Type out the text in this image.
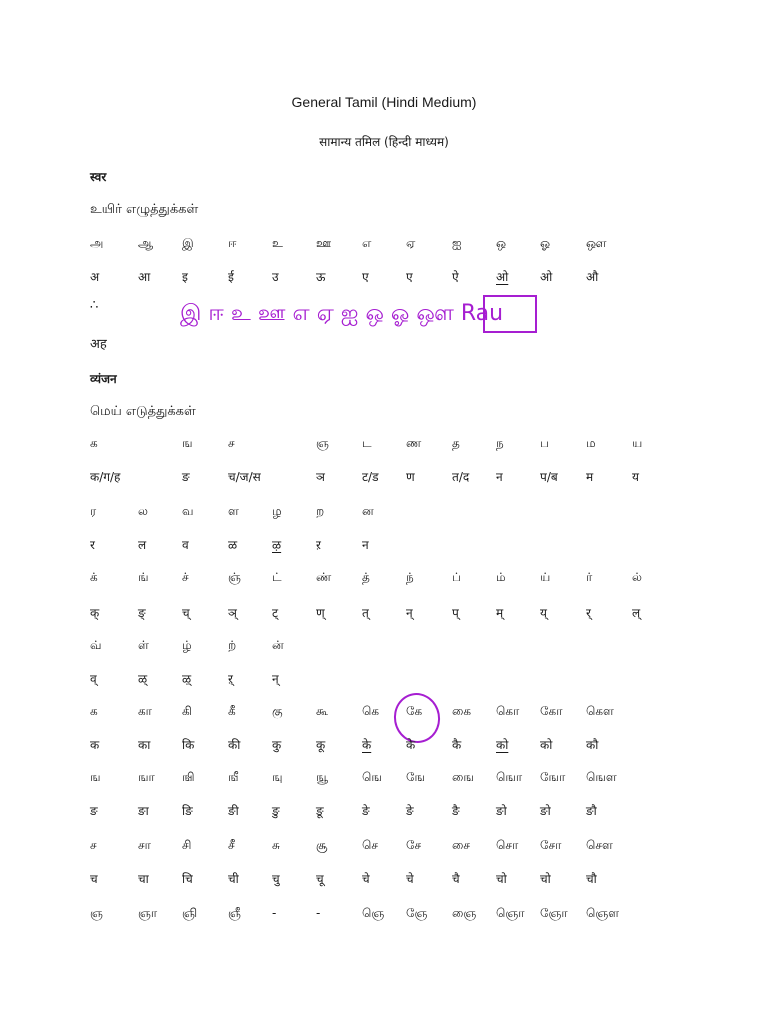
General Tamil (Hindi Medium)
सामान्य तमिल (हिन्दी माध्यम)
स्वर
உயிர் எழுத்துக்கள்
∴	இ ஈ உ ஊ எ ஏ ஐ ஒ ஓ ஔ Rau
अह
व्यंजन
மெய் எடுத்துக்கள்
அ	ஆ	இ	ஈ	உ	ஊ	எ	ஏ	ஐ	ஒ	ஓ	ஔ
अ	आ	इ	ई	उ	ऊ	ए	ए	ऐ	ओ	ओ	औ
க	ங	ச	ஞ	ட	ண	த	ந	ப	ம	ய
क/ग/ह	ङ	च/ज/स	ञ	ट/ड	ण	त/द	न	प/ब	म	य
ர	ல	வ	ள	ழ	ற	ன
र	ल	व	ळ	ऴ	ऱ	न
க்	ங்	ச்	ஞ்	ட்	ண்	த்	ந்	ப்	ம்	ய்	ர்	ல்
क्	ङ्	च्	ञ्	ट्	ण्	त्	न्	प्	म्	य्	र्	ल्
வ்	ள்	ழ்	ற்	ன்
व्	ळ्	ऴ्	ऱ्	न्
க	கா	கி	கீ	கு	கூ	கெ	கே	கை	கொ	கோ	கௌ
क	का	कि	की	कु	कू	के	के	कै	को	को	कौ
ங	ஙா	ஙி	ஙீ	ஙு	ஙூ	ஙெ	ஙே	ஙை	ஙொ	ஙோ	ஙௌ
ङ	ङा	ङि	ङी	ङु	ङू	ङे	ङे	ङै	ङो	ङो	ङौ
ச	சா	சி	சீ	சு	சூ	செ	சே	சை	சொ	சோ	சௌ
च	चा	चि	ची	चु	चू	चे	चे	चै	चो	चो	चौ
ஞ	ஞா	ஞி	ஞீ	-	-	ஞெ	ஞே	ஞை	ஞொ	ஞோ	ஞௌ
